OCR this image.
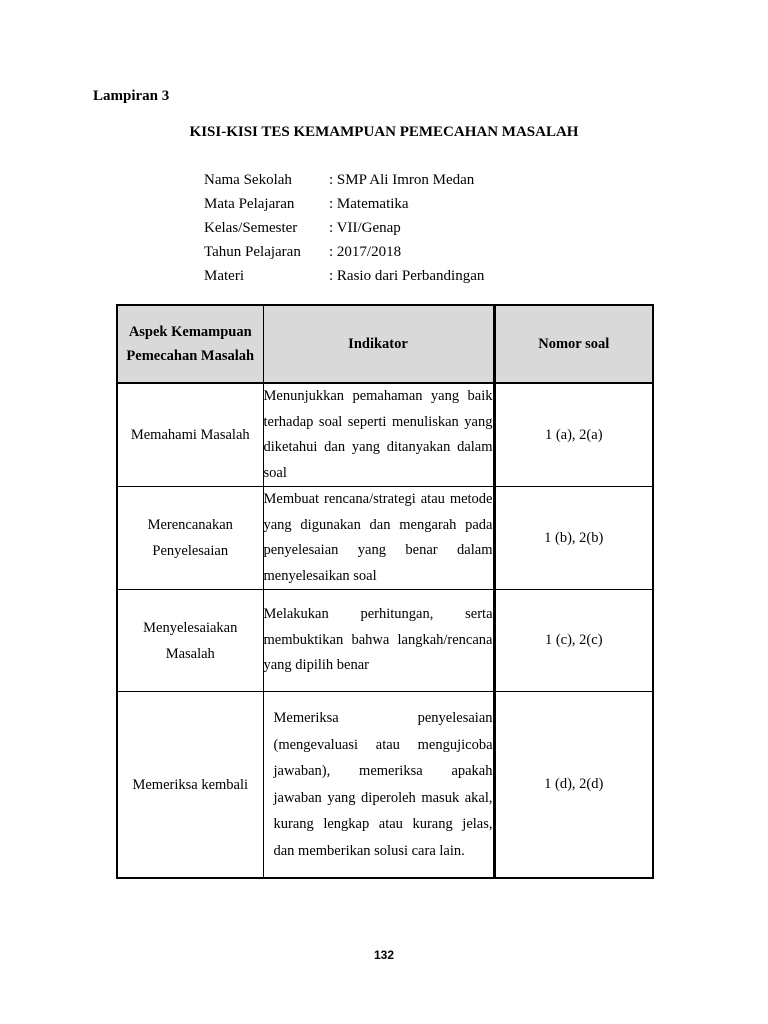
Lampiran 3
KISI-KISI TES KEMAMPUAN PEMECAHAN MASALAH
Nama Sekolah : SMP Ali Imron Medan
Mata Pelajaran : Matematika
Kelas/Semester : VII/Genap
Tahun Pelajaran : 2017/2018
Materi	: Rasio dari Perbandingan
Aspek Kemampuan Pemecahan Masalah	Indikator	Nomor soal
Memahami Masalah	Menunjukkan pemahaman yang baik terhadap soal seperti menuliskan yang diketahui dan yang ditanyakan dalam soal	1 (a), 2(a)
Merencanakan Penyelesaian	Membuat rencana/strategi atau metode yang digunakan dan mengarah pada penyelesaian yang benar dalam menyelesaikan soal	1 (b), 2(b)
Menyelesaiakan Masalah	Melakukan perhitungan, serta membuktikan bahwa langkah/rencana yang dipilih benar	1 (c), 2(c)
Memeriksa kembali	Memeriksa penyelesaian (mengevaluasi atau mengujicoba jawaban), memeriksa apakah jawaban yang diperoleh masuk akal, kurang lengkap atau kurang jelas, dan memberikan solusi cara lain.	1 (d), 2(d)
132
